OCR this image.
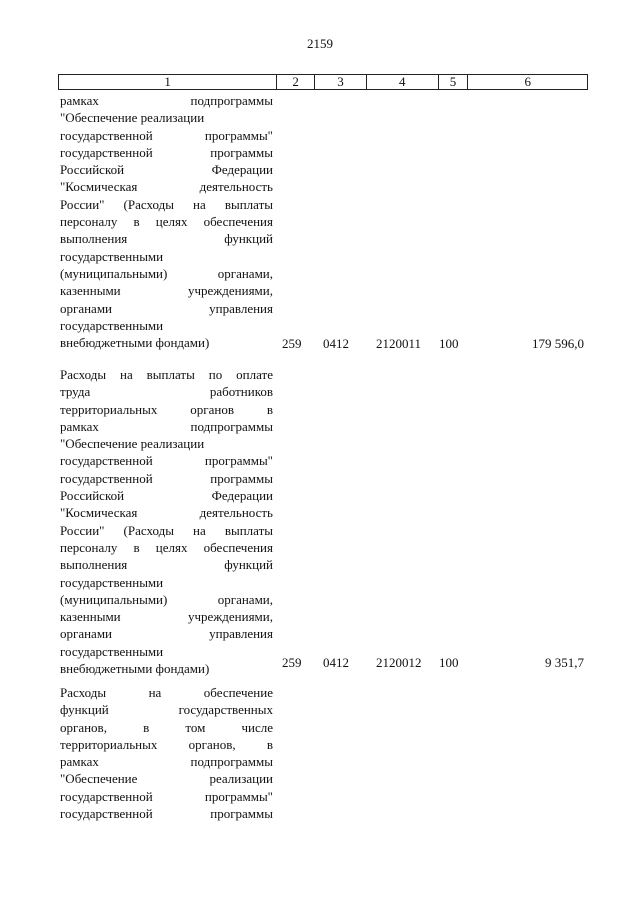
2159
1	2	3	4	5	6
рамках подпрограммы
"Обеспечение реализации
государственной программы"
государственной программы
Российской Федерации
"Космическая деятельность
России" (Расходы на выплаты
персоналу в целях обеспечения
выполнения функций
государственными
(муниципальными) органами,
казенными учреждениями,
органами управления
государственными
внебюджетными фондами)	259 0412 2120011 100	179 596,0
Расходы на выплаты по оплате
труда работников
территориальных органов в
рамках подпрограммы
"Обеспечение реализации
государственной программы"
государственной программы
Российской Федерации
"Космическая деятельность
России" (Расходы на выплаты
персоналу в целях обеспечения
выполнения функций
государственными
(муниципальными) органами,
казенными учреждениями,
органами управления
государственными
внебюджетными фондами)	259 0412 2120012 100	9 351,7
Расходы на обеспечение
функций государственных
органов, в том числе
территориальных органов, в
рамках подпрограммы
"Обеспечение реализации
государственной программы"
государственной программы
